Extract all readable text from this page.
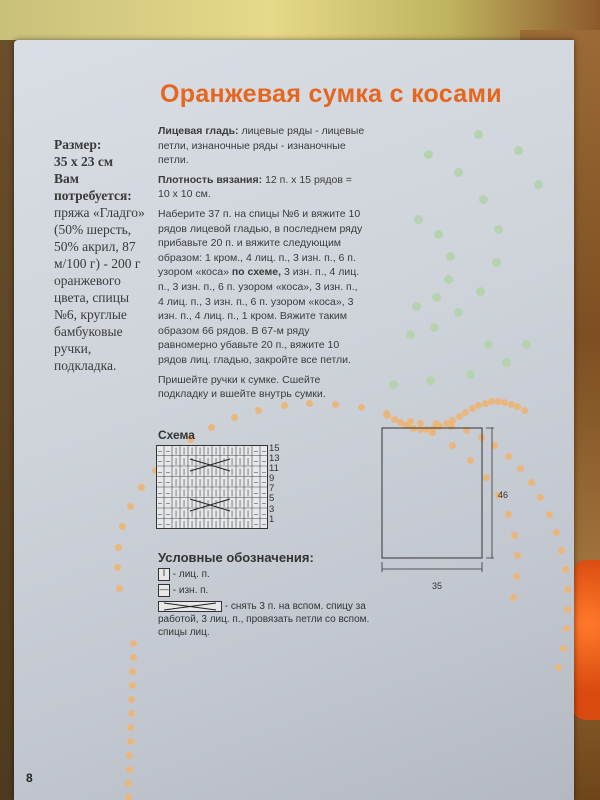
Оранжевая сумка с косами
Размер:
35 x 23 см
Вам потребуется:
пряжа «Гладго» (50% шерсть, 50% акрил, 87 м/100 г) - 200 г оранжевого цвета, спицы №6, круглые бамбуковые ручки, подкладка.

Лицевая гладь: лицевые ряды - лицевые петли, изнаночные ряды - изнаночные петли.

Плотность вязания: 12 п. х 15 рядов = 10 х 10 см.

Наберите 37 п. на спицы №6 и вяжите 10 рядов лицевой гладью, в последнем ряду прибавьте 20 п. и вяжите следующим образом: 1 кром., 4 лиц. п., 3 изн. п., 6 п. узором «коса» по схеме, 3 изн. п., 4 лиц. п., 3 изн. п., 6 п. узором «коса», 3 изн. п., 4 лиц. п., 3 изн. п., 6 п. узором «коса», 3 изн. п., 4 лиц. п., 1 кром. Вяжите таким образом 66 рядов. В 67-м ряду равномерно убавьте 20 п., вяжите 10 рядов лиц. гладью, закройте все петли.

Пришейте ручки к сумке. Сшейте подкладку и вшейте внутрь сумки.

Схема
– – | | | | | | | | | | – –
– – | | | | | | | | | | – –
– – | | | | | | | | | | – –
– – | | | | | | | | | | – –
– – | | | | | | | | | | – –
– – | | | | | | | | | | – –
– – | | | | | | | | | | – –
– – | | | | | | | | | | – –
15
13
11
9
7
5
3
1
Условные обозначения:
I - лиц. п.
— - изн. п.
- снять 3 п. на вспом. спицу за работой, 3 лиц. п., провязать петли со вспом. спицы лиц.
46
35
8
